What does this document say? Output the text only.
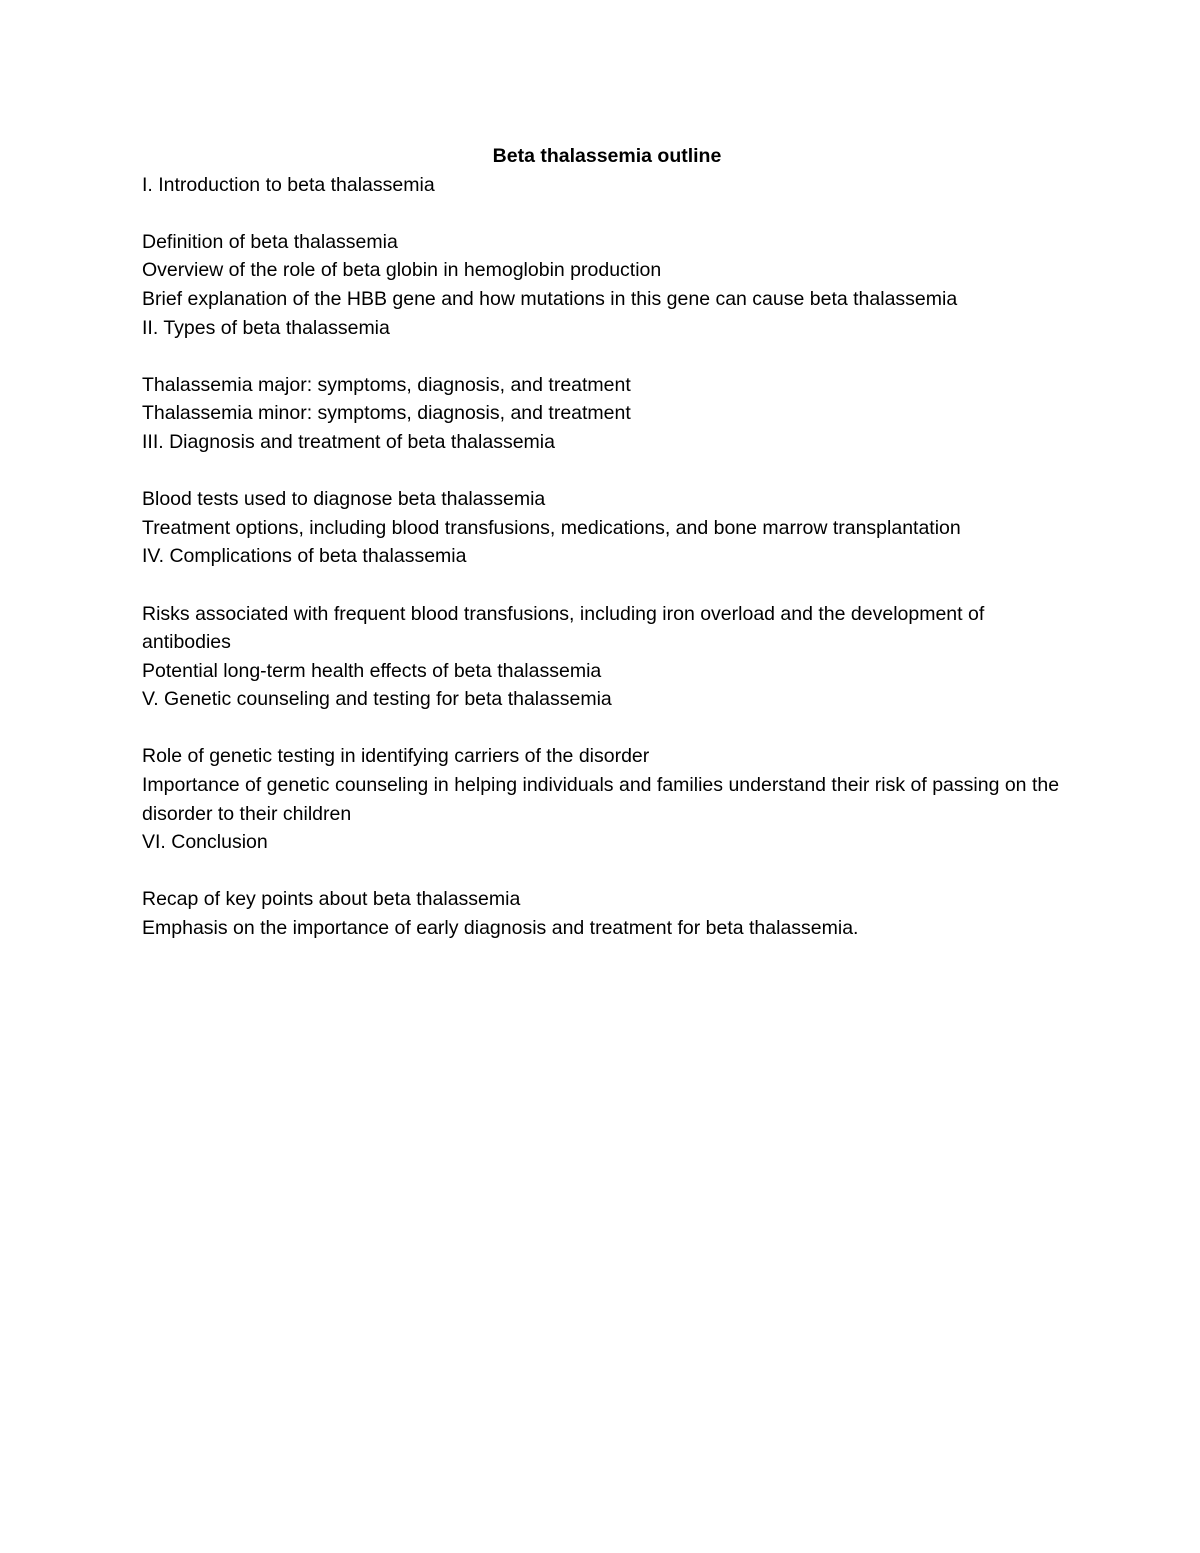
Beta thalassemia outline

I. Introduction to beta thalassemia

Definition of beta thalassemia

Overview of the role of beta globin in hemoglobin production

Brief explanation of the HBB gene and how mutations in this gene can cause beta thalassemia

II. Types of beta thalassemia

Thalassemia major: symptoms, diagnosis, and treatment

Thalassemia minor: symptoms, diagnosis, and treatment

III. Diagnosis and treatment of beta thalassemia

Blood tests used to diagnose beta thalassemia

Treatment options, including blood transfusions, medications, and bone marrow transplantation

IV. Complications of beta thalassemia

Risks associated with frequent blood transfusions, including iron overload and the development of antibodies

Potential long-term health effects of beta thalassemia

V. Genetic counseling and testing for beta thalassemia

Role of genetic testing in identifying carriers of the disorder

Importance of genetic counseling in helping individuals and families understand their risk of passing on the disorder to their children

VI. Conclusion

Recap of key points about beta thalassemia

Emphasis on the importance of early diagnosis and treatment for beta thalassemia.
